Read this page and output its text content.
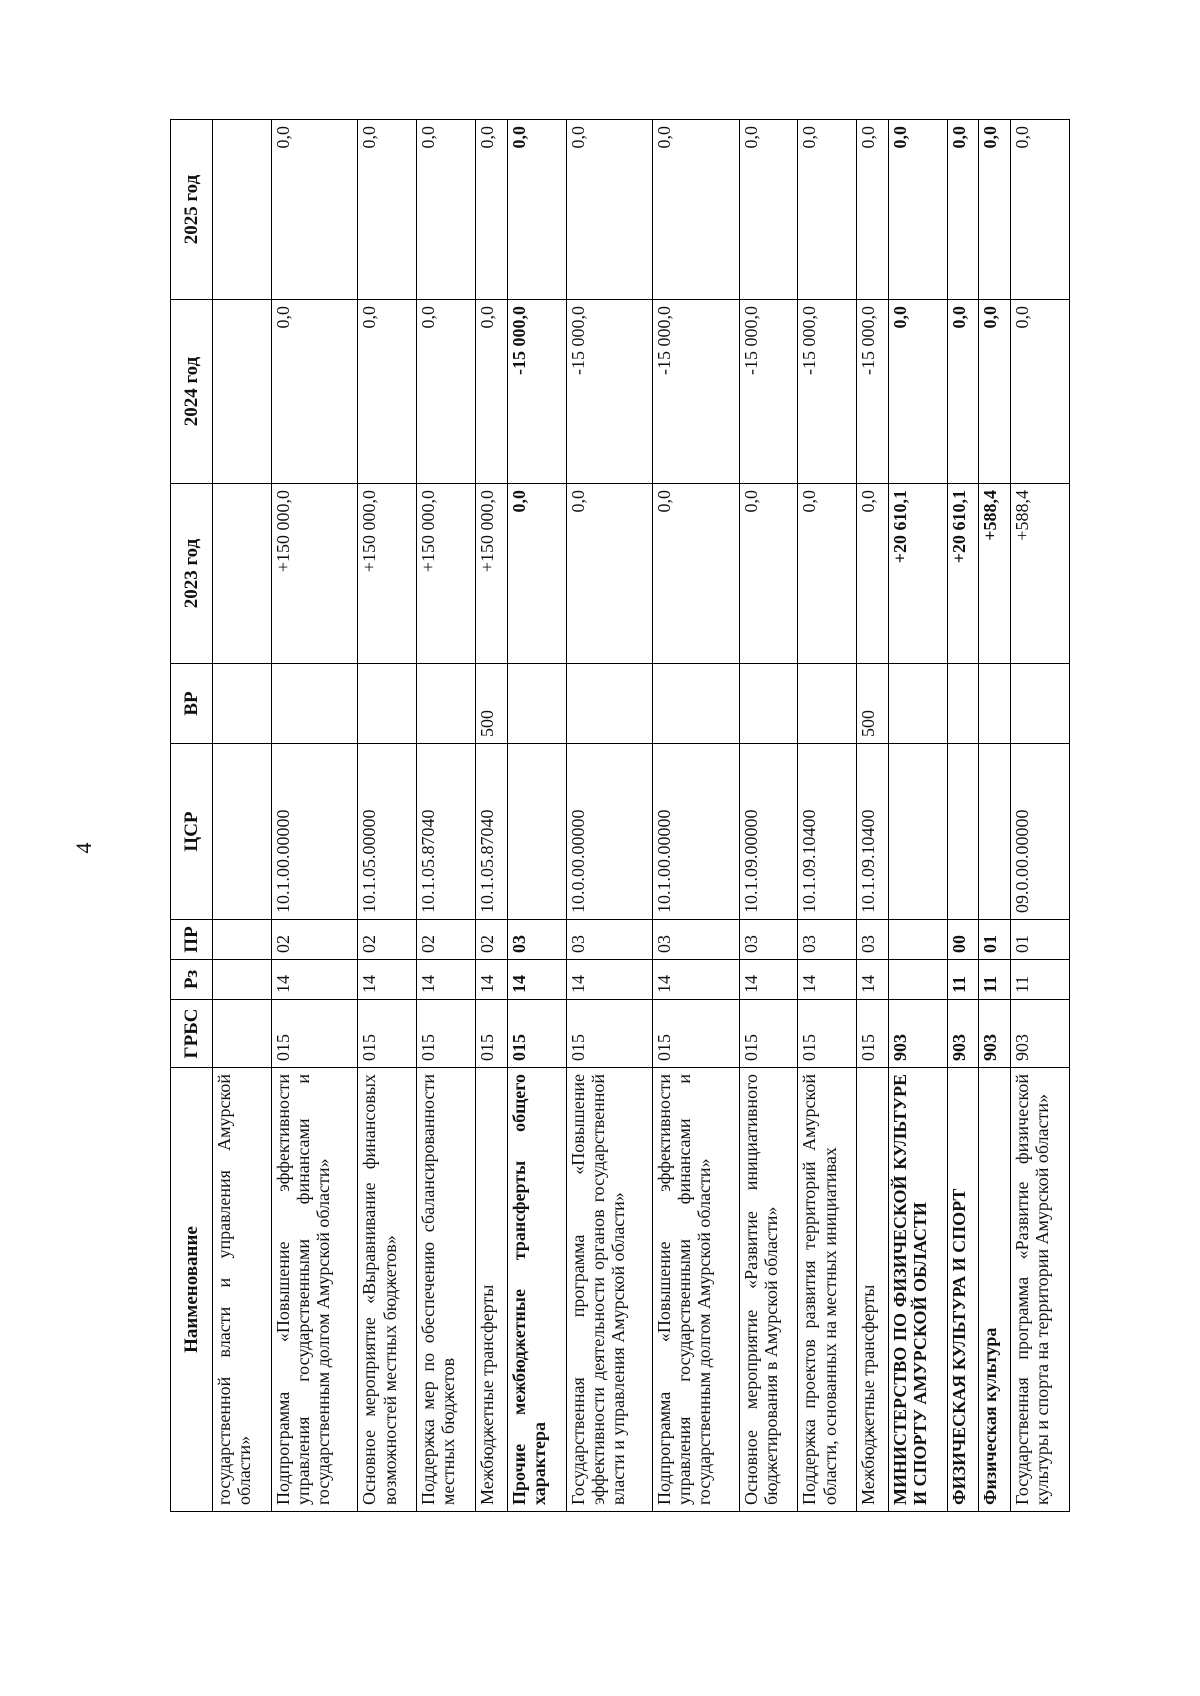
4
Наименование	ГРБС	Рз	ПР	ЦСР	ВР	2023 год	2024 год	2025 год
государственной власти и управления Амурской области»								
Подпрограмма «Повышение эффективности управления государственными финансами и государственным долгом Амурской области»	015	14	02	10.1.00.00000		+150 000,0	0,0	0,0
Основное мероприятие «Выравнивание финансовых возможностей местных бюджетов»	015	14	02	10.1.05.00000		+150 000,0	0,0	0,0
Поддержка мер по обеспечению сбалансированности местных бюджетов	015	14	02	10.1.05.87040		+150 000,0	0,0	0,0
Межбюджетные трансферты	015	14	02	10.1.05.87040	500	+150 000,0	0,0	0,0
Прочие межбюджетные трансферты общего характера	015	14	03			0,0	-15 000,0	0,0
Государственная программа «Повышение эффективности деятельности органов государственной власти и управления Амурской области»	015	14	03	10.0.00.00000		0,0	-15 000,0	0,0
Подпрограмма «Повышение эффективности управления государственными финансами и государственным долгом Амурской области»	015	14	03	10.1.00.00000		0,0	-15 000,0	0,0
Основное мероприятие «Развитие инициативного бюджетирования в Амурской области»	015	14	03	10.1.09.00000		0,0	-15 000,0	0,0
Поддержка проектов развития территорий Амурской области, основанных на местных инициативах	015	14	03	10.1.09.10400		0,0	-15 000,0	0,0
Межбюджетные трансферты	015	14	03	10.1.09.10400	500	0,0	-15 000,0	0,0
МИНИСТЕРСТВО ПО ФИЗИЧЕСКОЙ КУЛЬТУРЕ И СПОРТУ АМУРСКОЙ ОБЛАСТИ	903					+20 610,1	0,0	0,0
ФИЗИЧЕСКАЯ КУЛЬТУРА И СПОРТ	903	11	00			+20 610,1	0,0	0,0
Физическая культура	903	11	01			+588,4	0,0	0,0
Государственная программа «Развитие физической культуры и спорта на территории Амурской области»	903	11	01	09.0.00.00000		+588,4	0,0	0,0
